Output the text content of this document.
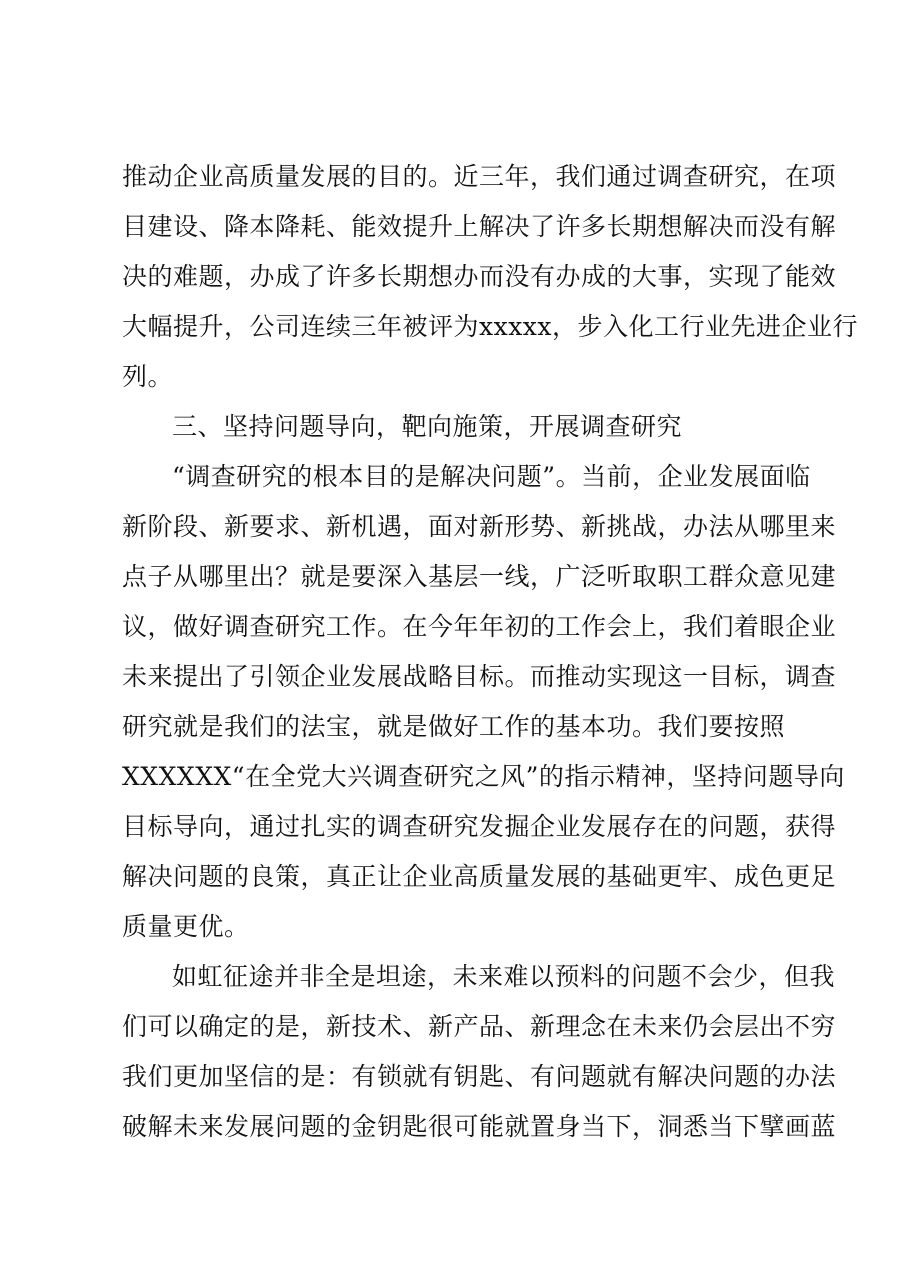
推动企业高质量发展的目的。近三年，我们通过调查研究，在项
目建设、降本降耗、能效提升上解决了许多长期想解决而没有解
决的难题，办成了许多长期想办而没有办成的大事，实现了能效
大幅提升，公司连续三年被评为xxxxx，步入化工行业先进企业行
列。
三、坚持问题导向，靶向施策，开展调查研究
“调查研究的根本目的是解决问题”。当前，企业发展面临
新阶段、新要求、新机遇，面对新形势、新挑战，办法从哪里来
点子从哪里出？就是要深入基层一线，广泛听取职工群众意见建
议，做好调查研究工作。在今年年初的工作会上，我们着眼企业
未来提出了引领企业发展战略目标。而推动实现这一目标，调查
研究就是我们的法宝，就是做好工作的基本功。我们要按照
XXXXXX“在全党大兴调查研究之风”的指示精神，坚持问题导向
目标导向，通过扎实的调查研究发掘企业发展存在的问题，获得
解决问题的良策，真正让企业高质量发展的基础更牢、成色更足
质量更优。
如虹征途并非全是坦途，未来难以预料的问题不会少，但我
们可以确定的是，新技术、新产品、新理念在未来仍会层出不穷
我们更加坚信的是：有锁就有钥匙、有问题就有解决问题的办法
破解未来发展问题的金钥匙很可能就置身当下，洞悉当下擘画蓝
